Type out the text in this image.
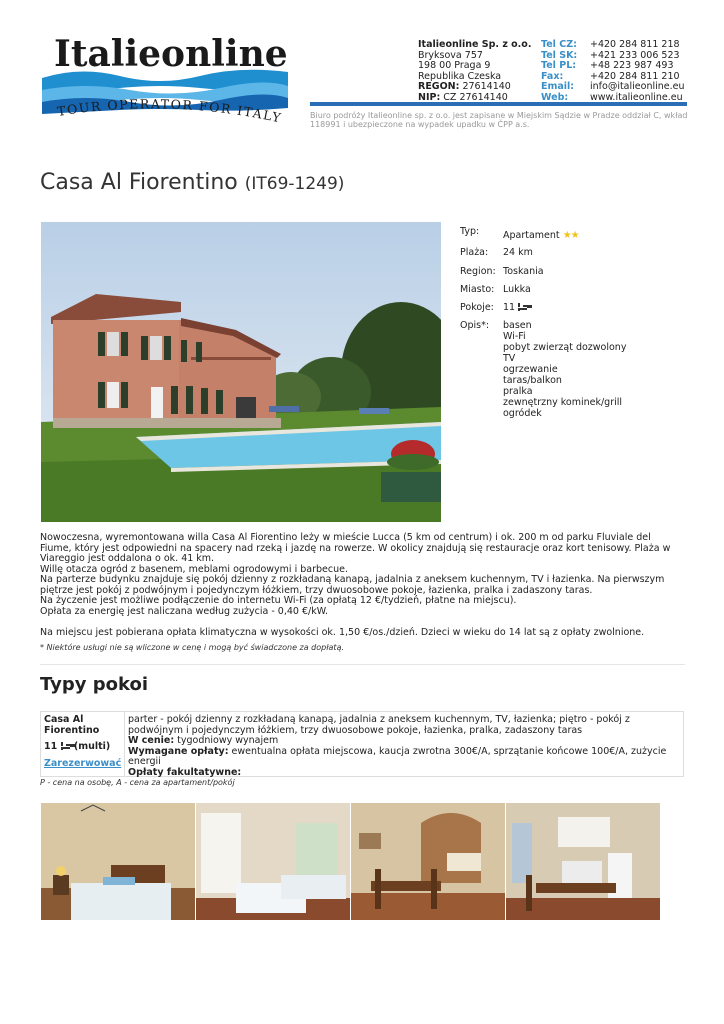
Italieonline
TOUR OPERATOR FOR ITALY
Italieonline Sp. z o.o.
Bryksova 757
198 00 Praga 9
Republika Czeska
REGON: 27614140
NIP: CZ 27614140
Tel CZ:	+420 284 811 218
Tel SK:	+421 233 006 523
Tel PL:	+48 223 987 493
Fax:	+420 284 811 210
Email:	info@italieonline.eu
Web:	www.italieonline.eu
Biuro podróży Italieonline sp. z o.o. jest zapisane w Miejskim Sądzie w Pradze oddział C, wkład 118991 i ubezpieczone na wypadek upadku w ČPP a.s.
Casa Al Fiorentino (IT69-1249)
Typ:	Apartament ★★
Plaża:	24 km
Region: Toskania
Miasto: Lukka
Pokoje: 11
Opis*:	basen
Wi-Fi
pobyt zwierząt dozwolony
TV
ogrzewanie
taras/balkon
pralka
zewnętrzny kominek/grill
ogródek

Nowoczesna, wyremontowana willa Casa Al Fiorentino leży w mieście Lucca (5 km od centrum) i ok. 200 m od parku Fluviale del Fiume, który jest odpowiedni na spacery nad rzeką i jazdę na rowerze. W okolicy znajdują się restauracje oraz kort tenisowy. Plaża w Viareggio jest oddalona o ok. 41 km.

Willę otacza ogród z basenem, meblami ogrodowymi i barbecue.

Na parterze budynku znajduje się pokój dzienny z rozkładaną kanapą, jadalnia z aneksem kuchennym, TV i łazienka. Na pierwszym piętrze jest pokój z podwójnym i pojedynczym łóżkiem, trzy dwuosobowe pokoje, łazienka, pralka i zadaszony taras.

Na życzenie jest możliwe podłączenie do internetu Wi-Fi (za opłatą 12 €/tydzień, płatne na miejscu).

Opłata za energię jest naliczana według zużycia - 0,40 €/kW.

Na miejscu jest pobierana opłata klimatyczna w wysokości ok. 1,50 €/os./dzień. Dzieci w wieku do 14 lat są z opłaty zwolnione.

* Niektóre usługi nie są wliczone w cenę i mogą być świadczone za dopłatą.
Typy pokoi
Casa Al Fiorentino
11 (multi)
Zarezerwować
parter - pokój dzienny z rozkładaną kanapą, jadalnia z aneksem kuchennym, TV, łazienka; piętro - pokój z podwójnym i pojedynczym łóżkiem, trzy dwuosobowe pokoje, łazienka, pralka, zadaszony taras
W cenie: tygodniowy wynajem
Wymagane opłaty: ewentualna opłata miejscowa, kaucja zwrotna 300€/A, sprzątanie końcowe 100€/A, zużycie energii
Opłaty fakultatywne:
P - cena na osobę, A - cena za apartament/pokój
